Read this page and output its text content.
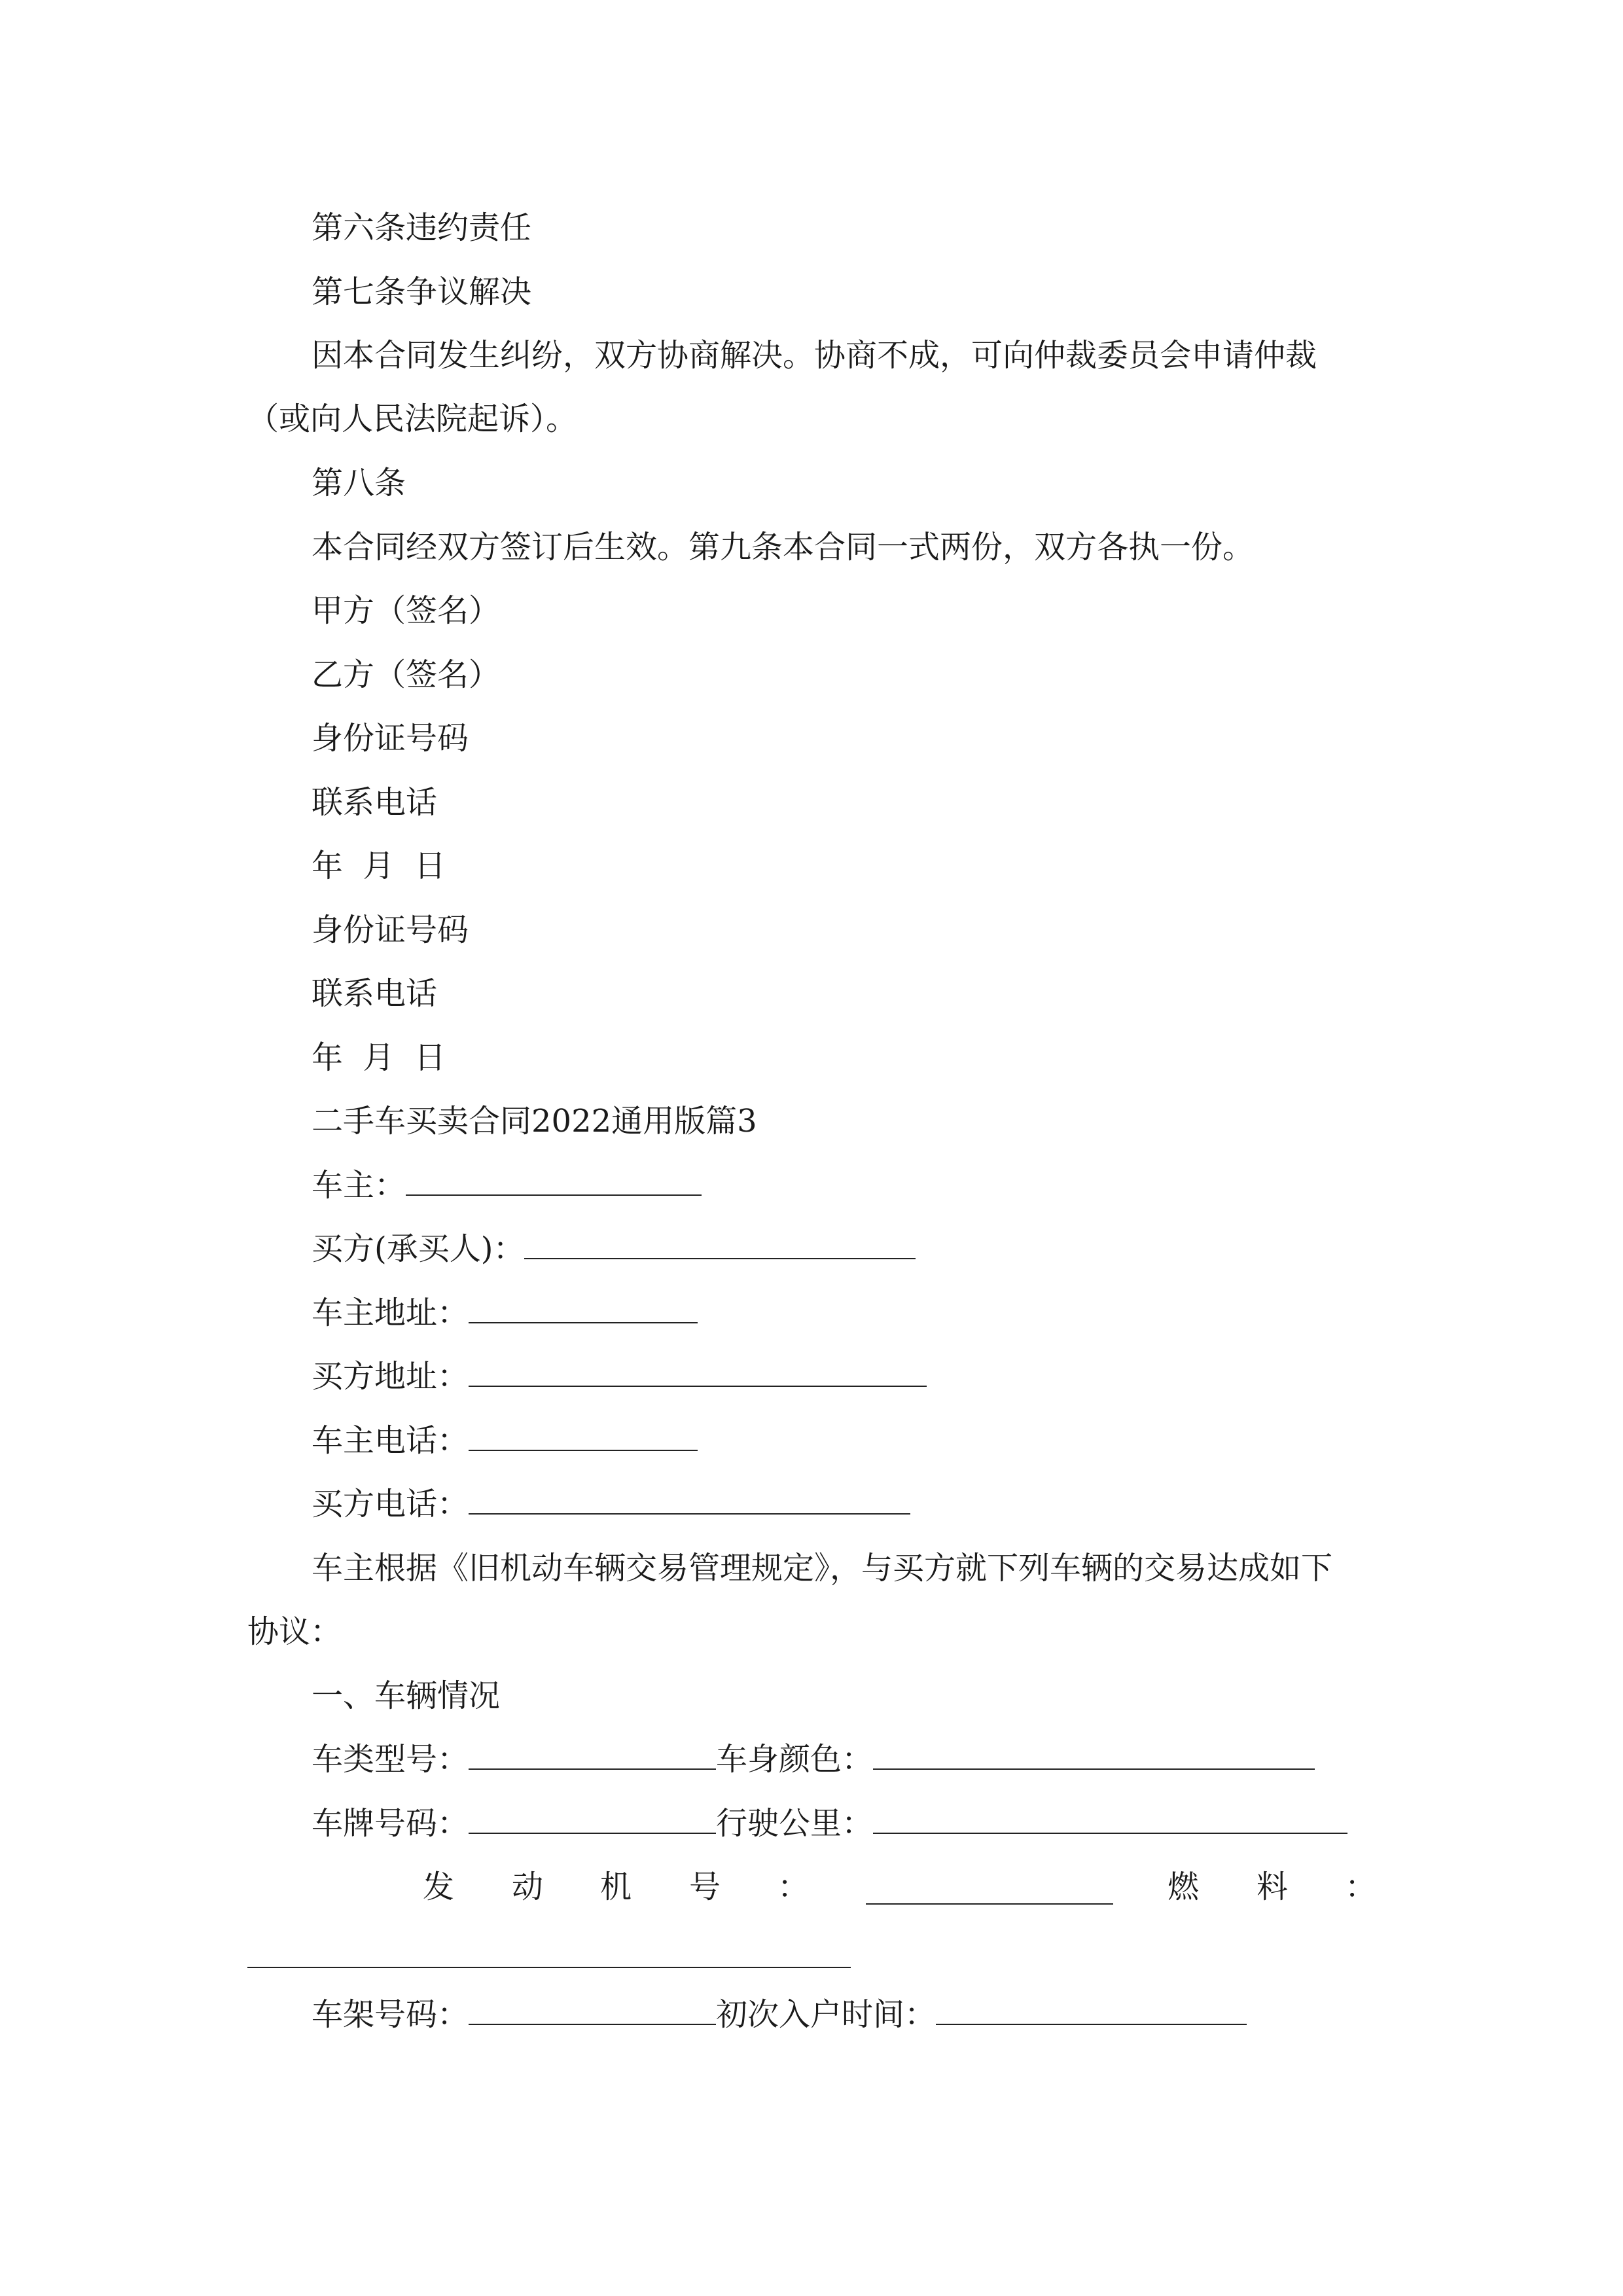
第六条违约责任
第七条争议解决
因本合同发生纠纷，双方协商解决。协商不成，可向仲裁委员会申请仲裁
（或向人民法院起诉）。
第八条
本合同经双方签订后生效。第九条本合同一式两份，双方各执一份。
甲方（签名）
乙方（签名）
身份证号码
联系电话
年  月  日
身份证号码
联系电话
年  月  日
二手车买卖合同2022通用版篇3
车主：
买方(承买人)：
车主地址：
买方地址：
车主电话：
买方电话：
车主根据《旧机动车辆交易管理规定》，与买方就下列车辆的交易达成如下
协议：
一、车辆情况
车类型号：	车身颜色：
车牌号码：	行驶公里：
发 动 机 号 ：	燃 料 ：
车架号码：	初次入户时间：
